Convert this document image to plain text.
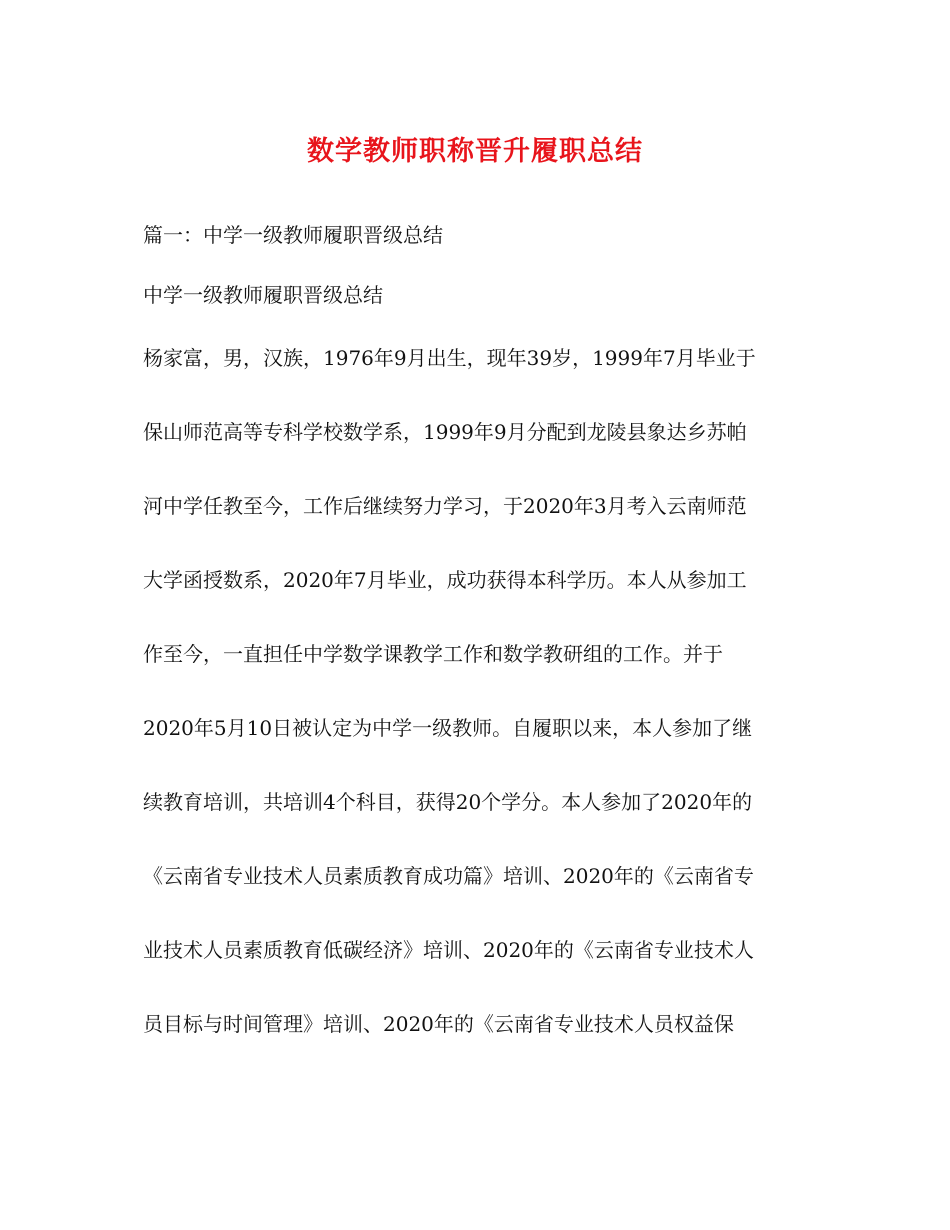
数学教师职称晋升履职总结
篇一：中学一级教师履职晋级总结
中学一级教师履职晋级总结
杨家富，男，汉族，1976年9月出生，现年39岁，1999年7月毕业于
保山师范高等专科学校数学系，1999年9月分配到龙陵县象达乡苏帕
河中学任教至今，工作后继续努力学习，于2020年3月考入云南师范
大学函授数系，2020年7月毕业，成功获得本科学历。本人从参加工
作至今，一直担任中学数学课教学工作和数学教研组的工作。并于
2020年5月10日被认定为中学一级教师。自履职以来，本人参加了继
续教育培训，共培训4个科目，获得20个学分。本人参加了2020年的
《云南省专业技术人员素质教育成功篇》培训、2020年的《云南省专
业技术人员素质教育低碳经济》培训、2020年的《云南省专业技术人
员目标与时间管理》培训、2020年的《云南省专业技术人员权益保
